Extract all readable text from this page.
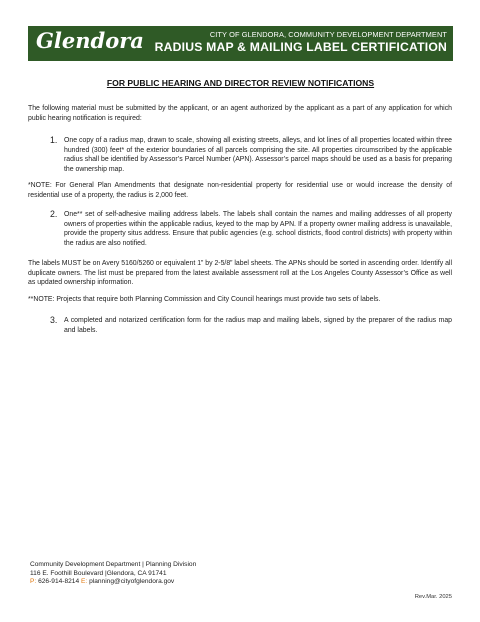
Glendora	CITY OF GLENDORA, COMMUNITY DEVELOPMENT DEPARTMENT
RADIUS MAP & MAILING LABEL CERTIFICATION
FOR PUBLIC HEARING AND DIRECTOR REVIEW NOTIFICATIONS
The following material must be submitted by the applicant, or an agent authorized by the applicant as a part of any application for which public hearing notification is required:
1. One copy of a radius map, drawn to scale, showing all existing streets, alleys, and lot lines of all properties located within three hundred (300) feet* of the exterior boundaries of all parcels comprising the site. All properties circumscribed by the applicable radius shall be identified by Assessor’s Parcel Number (APN). Assessor’s parcel maps should be used as a basis for preparing the ownership map.
*NOTE: For General Plan Amendments that designate non-residential property for residential use or would increase the density of residential use of a property, the radius is 2,000 feet.
2. One** set of self-adhesive mailing address labels. The labels shall contain the names and mailing addresses of all property owners of properties within the applicable radius, keyed to the map by APN. If a property owner mailing address is unavailable, provide the property situs address. Ensure that public agencies (e.g. school districts, flood control districts) with property within the radius are also notified.
The labels MUST be on Avery 5160/5260 or equivalent 1” by 2-5/8” label sheets. The APNs should be sorted in ascending order. Identify all duplicate owners. The list must be prepared from the latest available assessment roll at the Los Angeles County Assessor’s Office as well as updated ownership information.
**NOTE: Projects that require both Planning Commission and City Council hearings must provide two sets of labels.
3. A completed and notarized certification form for the radius map and mailing labels, signed by the preparer of the radius map and labels.
Community Development Department | Planning Division
116 E. Foothill Boulevard |Glendora, CA 91741
P: 626-914-8214 E: planning@cityofglendora.gov
Rev.Mar. 2025
